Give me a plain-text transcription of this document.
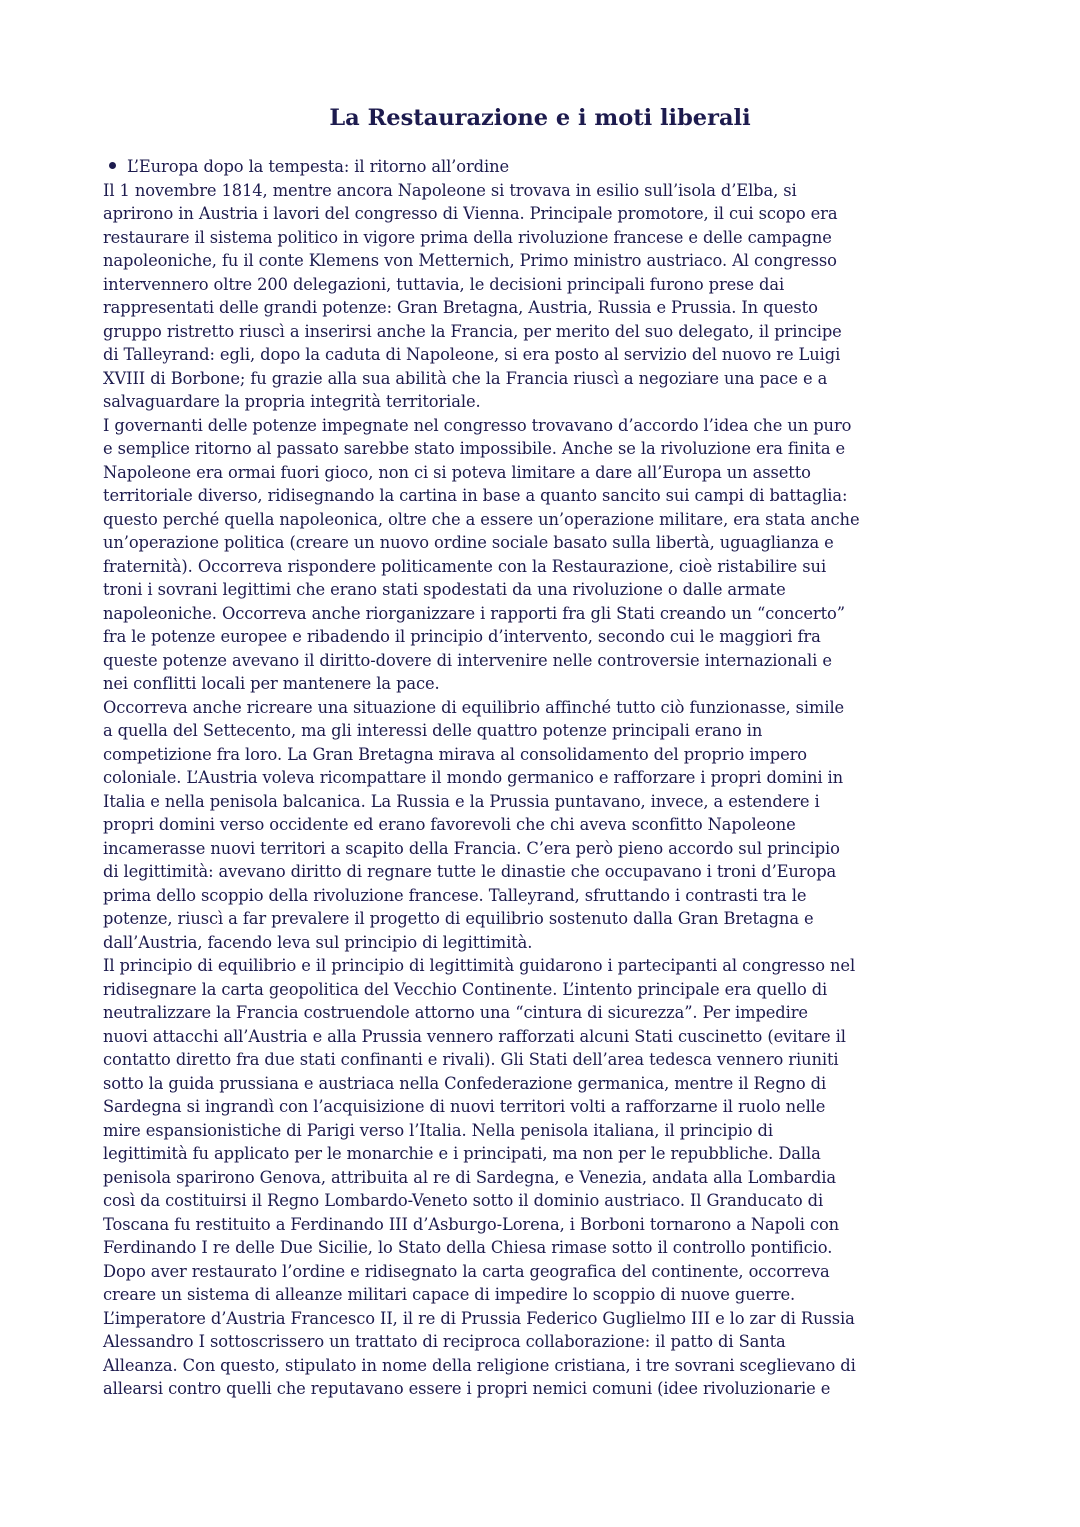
La Restaurazione e i moti liberali
L’Europa dopo la tempesta: il ritorno all’ordine
Il 1 novembre 1814, mentre ancora Napoleone si trovava in esilio sull’isola d’Elba, si
aprirono in Austria i lavori del congresso di Vienna. Principale promotore, il cui scopo era
restaurare il sistema politico in vigore prima della rivoluzione francese e delle campagne
napoleoniche, fu il conte Klemens von Metternich, Primo ministro austriaco. Al congresso
intervennero oltre 200 delegazioni, tuttavia, le decisioni principali furono prese dai
rappresentati delle grandi potenze: Gran Bretagna, Austria, Russia e Prussia. In questo
gruppo ristretto riuscì a inserirsi anche la Francia, per merito del suo delegato, il principe
di Talleyrand: egli, dopo la caduta di Napoleone, si era posto al servizio del nuovo re Luigi
XVIII di Borbone; fu grazie alla sua abilità che la Francia riuscì a negoziare una pace e a
salvaguardare la propria integrità territoriale.
I governanti delle potenze impegnate nel congresso trovavano d’accordo l’idea che un puro
e semplice ritorno al passato sarebbe stato impossibile. Anche se la rivoluzione era finita e
Napoleone era ormai fuori gioco, non ci si poteva limitare a dare all’Europa un assetto
territoriale diverso, ridisegnando la cartina in base a quanto sancito sui campi di battaglia:
questo perché quella napoleonica, oltre che a essere un’operazione militare, era stata anche
un’operazione politica (creare un nuovo ordine sociale basato sulla libertà, uguaglianza e
fraternità). Occorreva rispondere politicamente con la Restaurazione, cioè ristabilire sui
troni i sovrani legittimi che erano stati spodestati da una rivoluzione o dalle armate
napoleoniche. Occorreva anche riorganizzare i rapporti fra gli Stati creando un “concerto”
fra le potenze europee e ribadendo il principio d’intervento, secondo cui le maggiori fra
queste potenze avevano il diritto-dovere di intervenire nelle controversie internazionali e
nei conflitti locali per mantenere la pace.
Occorreva anche ricreare una situazione di equilibrio affinché tutto ciò funzionasse, simile
a quella del Settecento, ma gli interessi delle quattro potenze principali erano in
competizione fra loro. La Gran Bretagna mirava al consolidamento del proprio impero
coloniale. L’Austria voleva ricompattare il mondo germanico e rafforzare i propri domini in
Italia e nella penisola balcanica. La Russia e la Prussia puntavano, invece, a estendere i
propri domini verso occidente ed erano favorevoli che chi aveva sconfitto Napoleone
incamerasse nuovi territori a scapito della Francia. C’era però pieno accordo sul principio
di legittimità: avevano diritto di regnare tutte le dinastie che occupavano i troni d’Europa
prima dello scoppio della rivoluzione francese. Talleyrand, sfruttando i contrasti tra le
potenze, riuscì a far prevalere il progetto di equilibrio sostenuto dalla Gran Bretagna e
dall’Austria, facendo leva sul principio di legittimità.
Il principio di equilibrio e il principio di legittimità guidarono i partecipanti al congresso nel
ridisegnare la carta geopolitica del Vecchio Continente. L’intento principale era quello di
neutralizzare la Francia costruendole attorno una “cintura di sicurezza”. Per impedire
nuovi attacchi all’Austria e alla Prussia vennero rafforzati alcuni Stati cuscinetto (evitare il
contatto diretto fra due stati confinanti e rivali). Gli Stati dell’area tedesca vennero riuniti
sotto la guida prussiana e austriaca nella Confederazione germanica, mentre il Regno di
Sardegna si ingrandì con l’acquisizione di nuovi territori volti a rafforzarne il ruolo nelle
mire espansionistiche di Parigi verso l’Italia. Nella penisola italiana, il principio di
legittimità fu applicato per le monarchie e i principati, ma non per le repubbliche. Dalla
penisola sparirono Genova, attribuita al re di Sardegna, e Venezia, andata alla Lombardia
così da costituirsi il Regno Lombardo-Veneto sotto il dominio austriaco. Il Granducato di
Toscana fu restituito a Ferdinando III d’Asburgo-Lorena, i Borboni tornarono a Napoli con
Ferdinando I re delle Due Sicilie, lo Stato della Chiesa rimase sotto il controllo pontificio.
Dopo aver restaurato l’ordine e ridisegnato la carta geografica del continente, occorreva
creare un sistema di alleanze militari capace di impedire lo scoppio di nuove guerre.
L’imperatore d’Austria Francesco II, il re di Prussia Federico Guglielmo III e lo zar di Russia
Alessandro I sottoscrissero un trattato di reciproca collaborazione: il patto di Santa
Alleanza. Con questo, stipulato in nome della religione cristiana, i tre sovrani sceglievano di
allearsi contro quelli che reputavano essere i propri nemici comuni (idee rivoluzionarie e
